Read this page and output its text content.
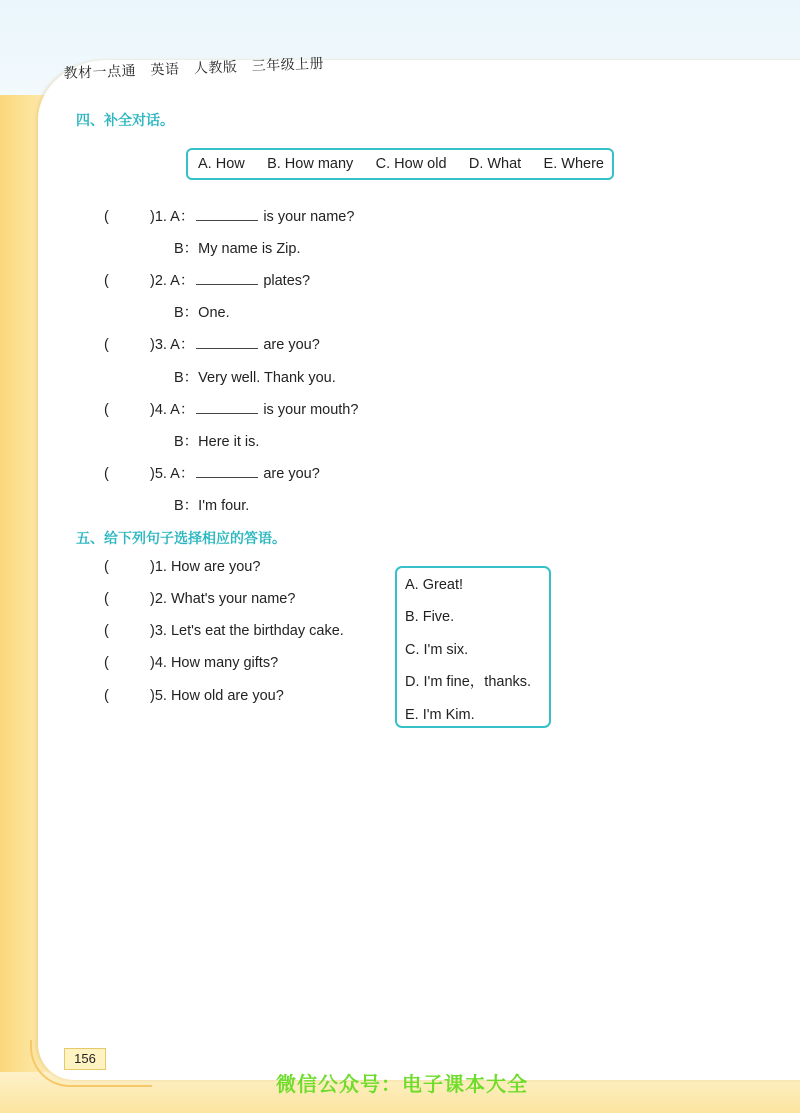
教材一点通 英语 人教版 三年级上册
四、补全对话。
A. How B. How many C. How old D. What E. Where
(	)1. A：	is your name?
B：My name is Zip.
(	)2. A：	plates?
B：One.
(	)3. A：	are you?
B：Very well. Thank you.
(	)4. A：	is your mouth?
B：Here it is.
(	)5. A：	are you?
B：I'm four.
五、给下列句子选择相应的答语。
(	)1. How are you?
(	)2. What's your name?
(	)3. Let's eat the birthday cake.
(	)4. How many gifts?
(	)5. How old are you?
A. Great!
B. Five.
C. I'm six.
D. I'm fine，thanks.
E. I'm Kim.
156
微信公众号：电子课本大全
